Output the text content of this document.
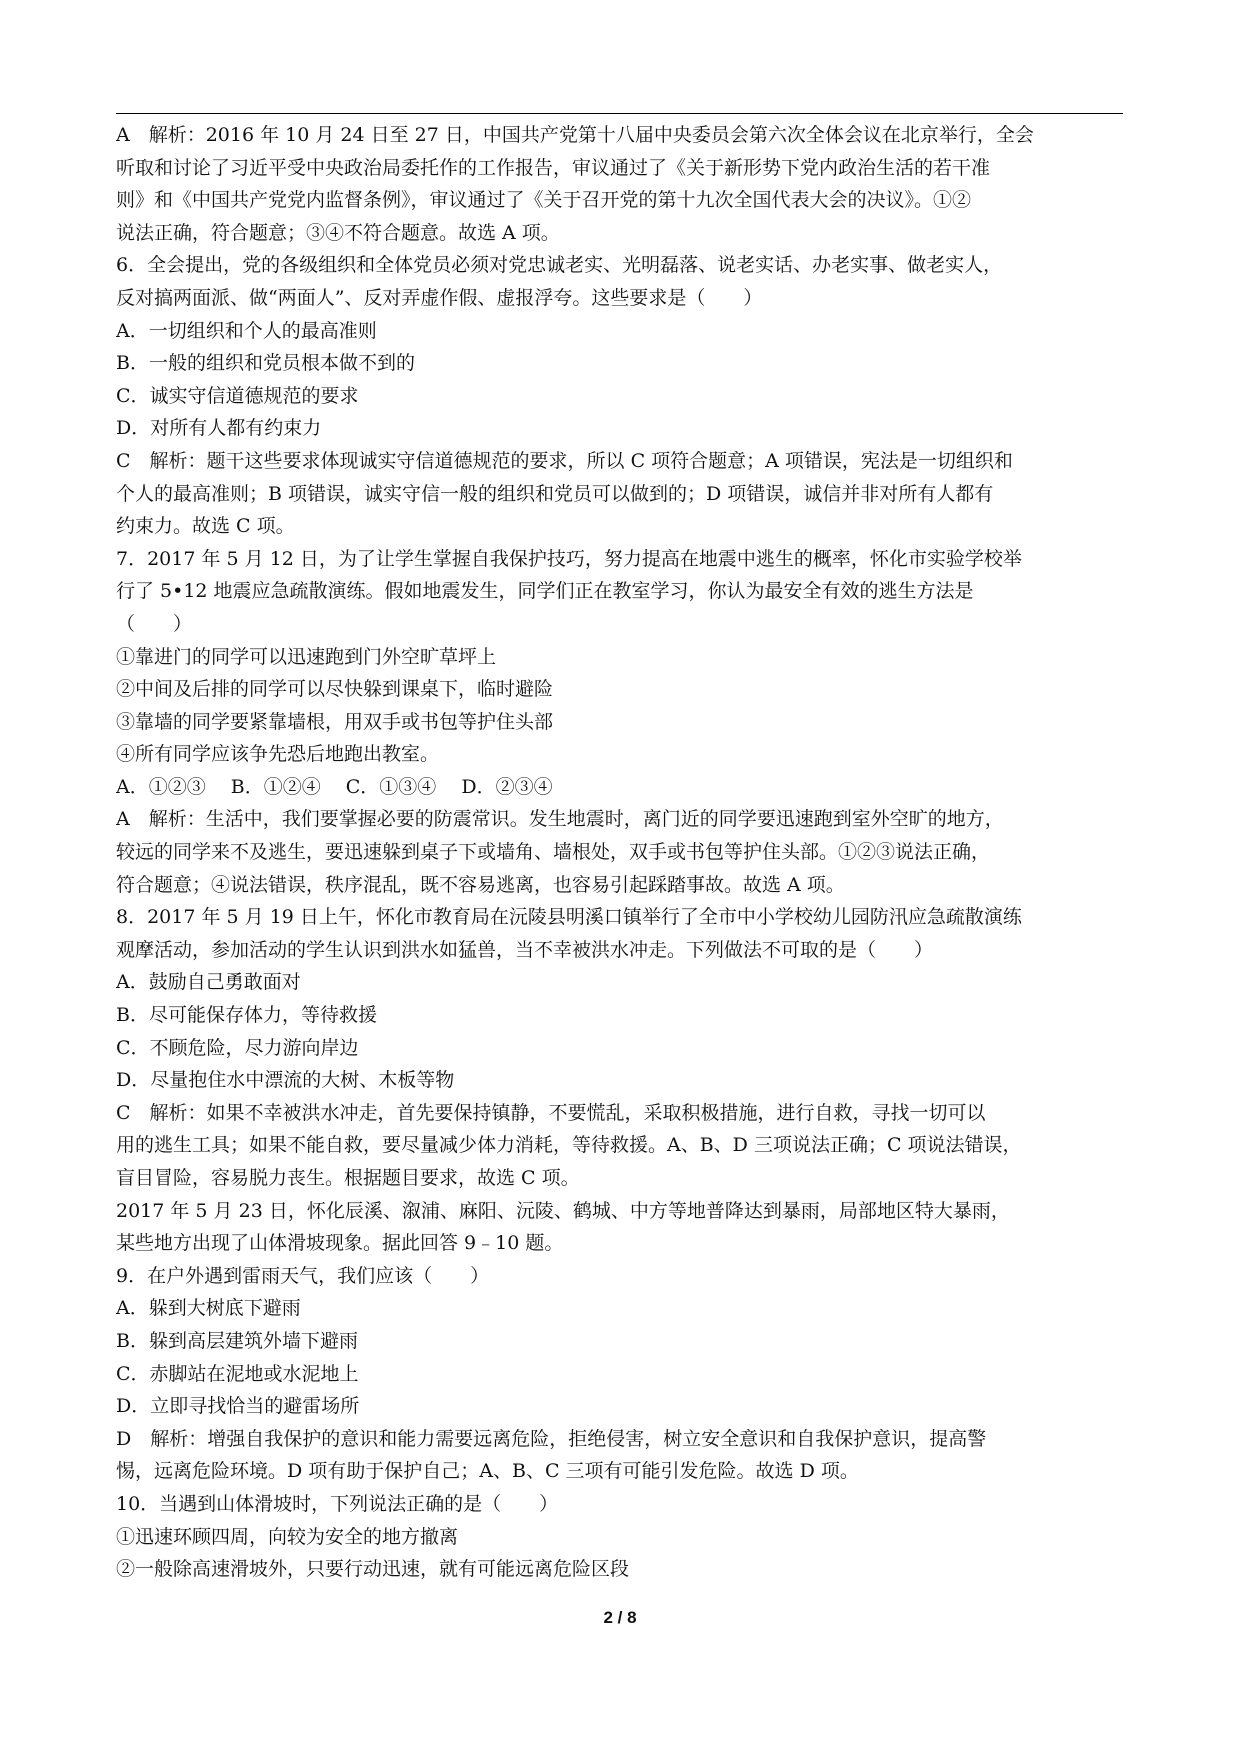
A　解析：2016 年 10 月 24 日至 27 日，中国共产党第十八届中央委员会第六次全体会议在北京举行，全会
听取和讨论了习近平受中央政治局委托作的工作报告，审议通过了《关于新形势下党内政治生活的若干准
则》和《中国共产党党内监督条例》，审议通过了《关于召开党的第十九次全国代表大会的决议》。①②
说法正确，符合题意；③④不符合题意。故选 A 项。
6．全会提出，党的各级组织和全体党员必须对党忠诚老实、光明磊落、说老实话、办老实事、做老实人，
反对搞两面派、做“两面人”、反对弄虚作假、虚报浮夸。这些要求是（　　）
A．一切组织和个人的最高准则
B．一般的组织和党员根本做不到的
C．诚实守信道德规范的要求
D．对所有人都有约束力
C　解析：题干这些要求体现诚实守信道德规范的要求，所以 C 项符合题意；A 项错误，宪法是一切组织和
个人的最高准则；B 项错误，诚实守信一般的组织和党员可以做到的；D 项错误，诚信并非对所有人都有
约束力。故选 C 项。
7．2017 年 5 月 12 日，为了让学生掌握自我保护技巧，努力提高在地震中逃生的概率，怀化市实验学校举
行了 5•12 地震应急疏散演练。假如地震发生，同学们正在教室学习，你认为最安全有效的逃生方法是
（　　）
①靠进门的同学可以迅速跑到门外空旷草坪上
②中间及后排的同学可以尽快躲到课桌下，临时避险
③靠墙的同学要紧靠墙根，用双手或书包等护住头部
④所有同学应该争先恐后地跑出教室。
A．①②③　 B．①②④　 C．①③④　 D．②③④
A　解析：生活中，我们要掌握必要的防震常识。发生地震时，离门近的同学要迅速跑到室外空旷的地方，
较远的同学来不及逃生，要迅速躲到桌子下或墙角、墙根处，双手或书包等护住头部。①②③说法正确，
符合题意；④说法错误，秩序混乱，既不容易逃离，也容易引起踩踏事故。故选 A 项。
8．2017 年 5 月 19 日上午，怀化市教育局在沅陵县明溪口镇举行了全市中小学校幼儿园防汛应急疏散演练
观摩活动，参加活动的学生认识到洪水如猛兽，当不幸被洪水冲走。下列做法不可取的是（　　）
A．鼓励自己勇敢面对
B．尽可能保存体力，等待救援
C．不顾危险，尽力游向岸边
D．尽量抱住水中漂流的大树、木板等物
C　解析：如果不幸被洪水冲走，首先要保持镇静，不要慌乱，采取积极措施，进行自救，寻找一切可以
用的逃生工具；如果不能自救，要尽量减少体力消耗，等待救援。A、B、D 三项说法正确；C 项说法错误，
盲目冒险，容易脱力丧生。根据题目要求，故选 C 项。
2017 年 5 月 23 日，怀化辰溪、溆浦、麻阳、沅陵、鹤城、中方等地普降达到暴雨，局部地区特大暴雨，
某些地方出现了山体滑坡现象。据此回答 9﹣10 题。
9．在户外遇到雷雨天气，我们应该（　　）
A．躲到大树底下避雨
B．躲到高层建筑外墙下避雨
C．赤脚站在泥地或水泥地上
D．立即寻找恰当的避雷场所
D　解析：增强自我保护的意识和能力需要远离危险，拒绝侵害，树立安全意识和自我保护意识，提高警
惕，远离危险环境。D 项有助于保护自己；A、B、C 三项有可能引发危险。故选 D 项。
10．当遇到山体滑坡时，下列说法正确的是（　　）
①迅速环顾四周，向较为安全的地方撤离
②一般除高速滑坡外，只要行动迅速，就有可能远离危险区段
2 / 8
